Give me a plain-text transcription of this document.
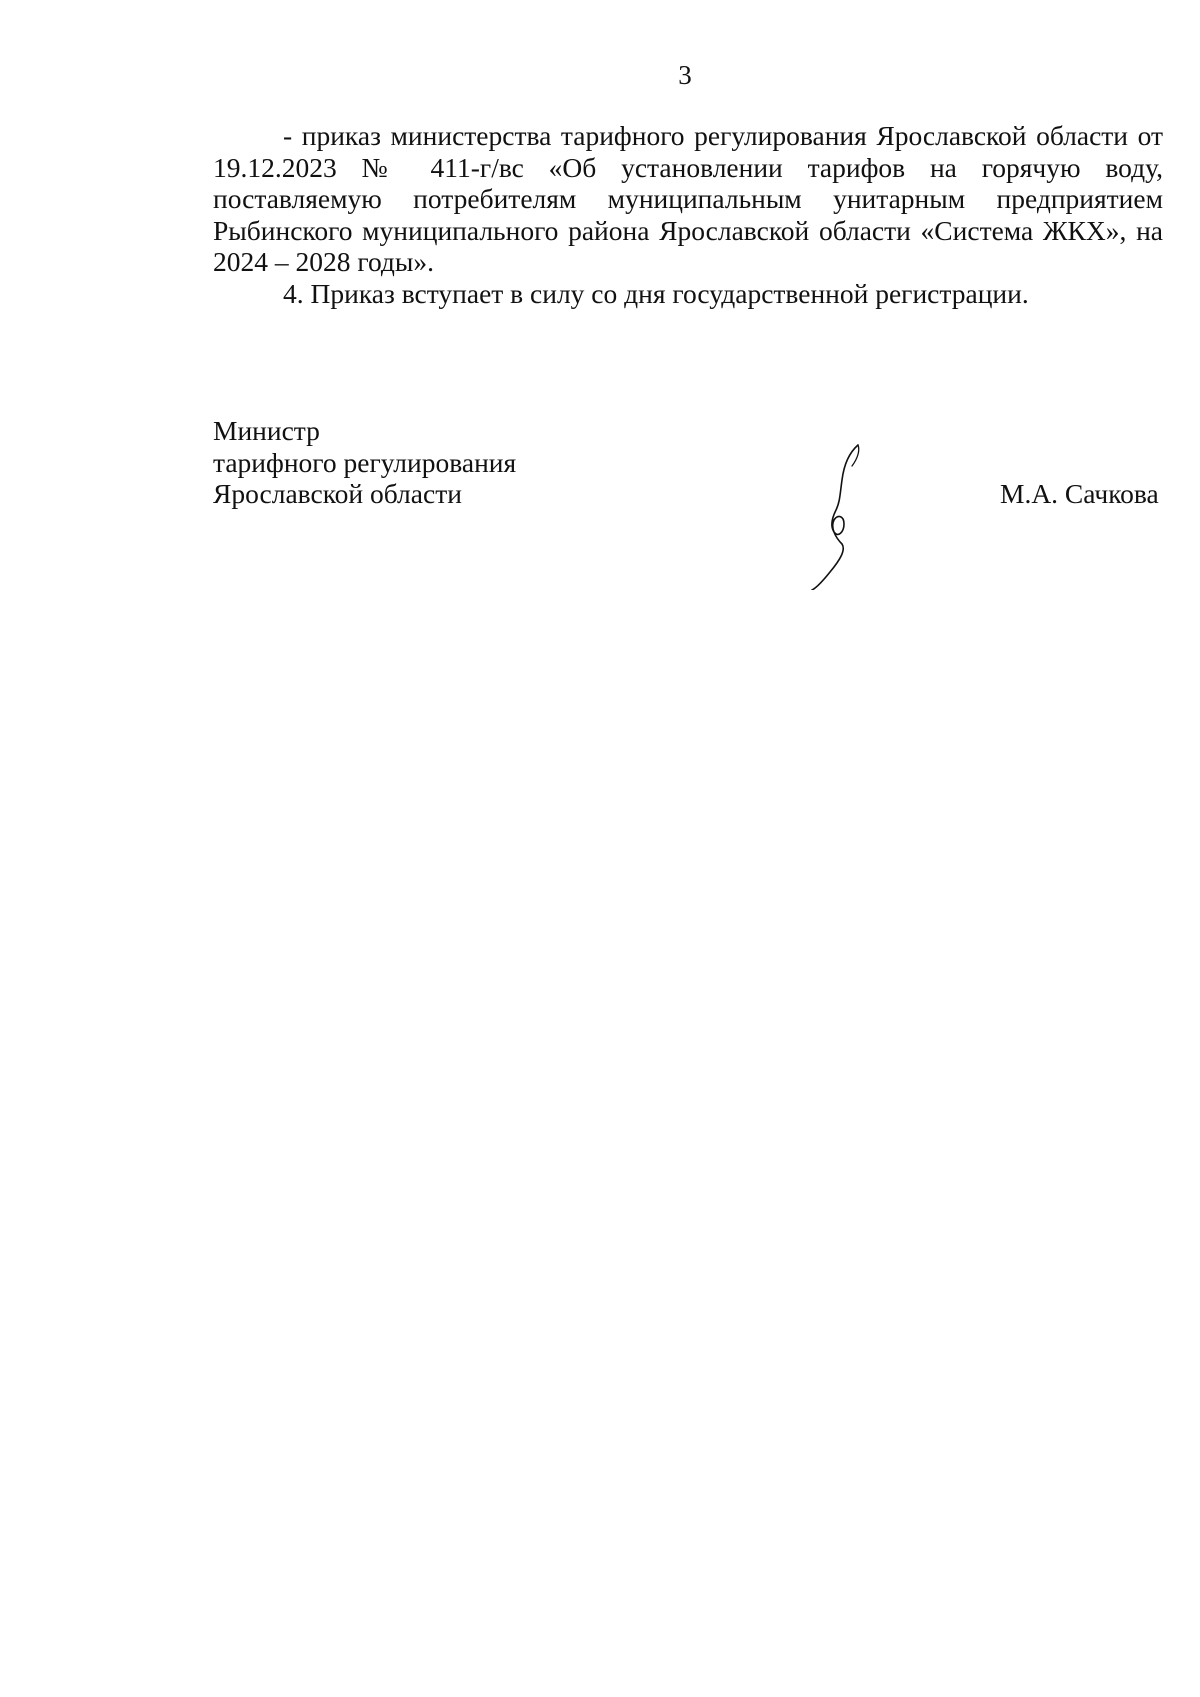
3

- приказ министерства тарифного регулирования Ярославской области от 19.12.2023 № 411-г/вс «Об установлении тарифов на горячую воду, поставляемую потребителям муниципальным унитарным предприятием Рыбинского муниципального района Ярославской области «Система ЖКХ», на 2024 – 2028 годы».

4. Приказ вступает в силу со дня государственной регистрации.

Министр
тарифного регулирования
Ярославской области	М.А. Сачкова
